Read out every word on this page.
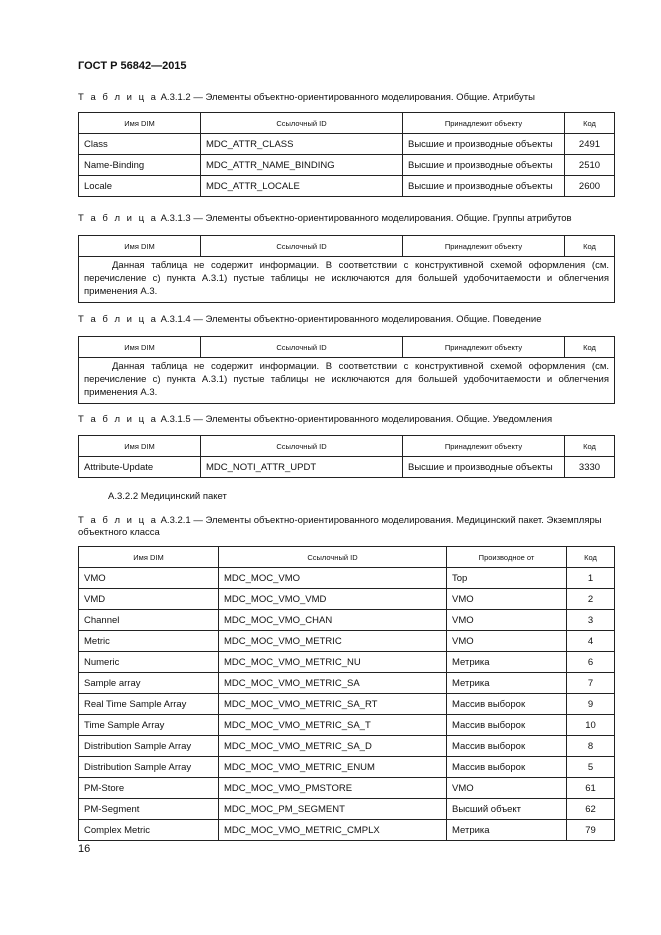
ГОСТ Р 56842—2015
Т а б л и ц а A.3.1.2 — Элементы объектно-ориентированного моделирования. Общие. Атрибуты
Имя DIM	Ссылочный ID	Принадлежит объекту	Код
Class	MDC_ATTR_CLASS	Высшие и производные объекты	2491
Name-Binding	MDC_ATTR_NAME_BINDING	Высшие и производные объекты	2510
Locale	MDC_ATTR_LOCALE	Высшие и производные объекты	2600
Т а б л и ц а A.3.1.3 — Элементы объектно-ориентированного моделирования. Общие. Группы атрибутов
Имя DIM	Ссылочный ID	Принадлежит объекту	Код

Данная таблица не содержит информации. В соответствии с конструктивной схемой оформления (см. перечисление с) пункта А.3.1) пустые таблицы не исключаются для большей удобочитаемости и облегчения применения А.3.
Т а б л и ц а A.3.1.4 — Элементы объектно-ориентированного моделирования. Общие. Поведение
Имя DIM	Ссылочный ID	Принадлежит объекту	Код

Данная таблица не содержит информации. В соответствии с конструктивной схемой оформления (см. перечисление с) пункта А.3.1) пустые таблицы не исключаются для большей удобочитаемости и облегчения применения А.3.
Т а б л и ц а A.3.1.5 — Элементы объектно-ориентированного моделирования. Общие. Уведомления
Имя DIM	Ссылочный ID	Принадлежит объекту	Код
Attribute-Update	MDC_NOTI_ATTR_UPDT	Высшие и производные объекты	3330
A.3.2.2 Медицинский пакет
Т а б л и ц а A.3.2.1 — Элементы объектно-ориентированного моделирования. Медицинский пакет. Экземпляры объектного класса
Имя DIM	Ссылочный ID	Производное от	Код
VMO	MDC_MOC_VMO	Top	1
VMD	MDC_MOC_VMO_VMD	VMO	2
Channel	MDC_MOC_VMO_CHAN	VMO	3
Metric	MDC_MOC_VMO_METRIC	VMO	4
Numeric	MDC_MOC_VMO_METRIC_NU	Метрика	6
Sample array	MDC_MOC_VMO_METRIC_SA	Метрика	7
Real Time Sample Array	MDC_MOC_VMO_METRIC_SA_RT	Массив выборок	9
Time Sample Array	MDC_MOC_VMO_METRIC_SA_T	Массив выборок	10
Distribution Sample Array	MDC_MOC_VMO_METRIC_SA_D	Массив выборок	8
Distribution Sample Array	MDC_MOC_VMO_METRIC_ENUM	Массив выборок	5
PM-Store	MDC_MOC_VMO_PMSTORE	VMO	61
PM-Segment	MDC_MOC_PM_SEGMENT	Высший объект	62
Complex Metric	MDC_MOC_VMO_METRIC_CMPLX	Метрика	79
16
